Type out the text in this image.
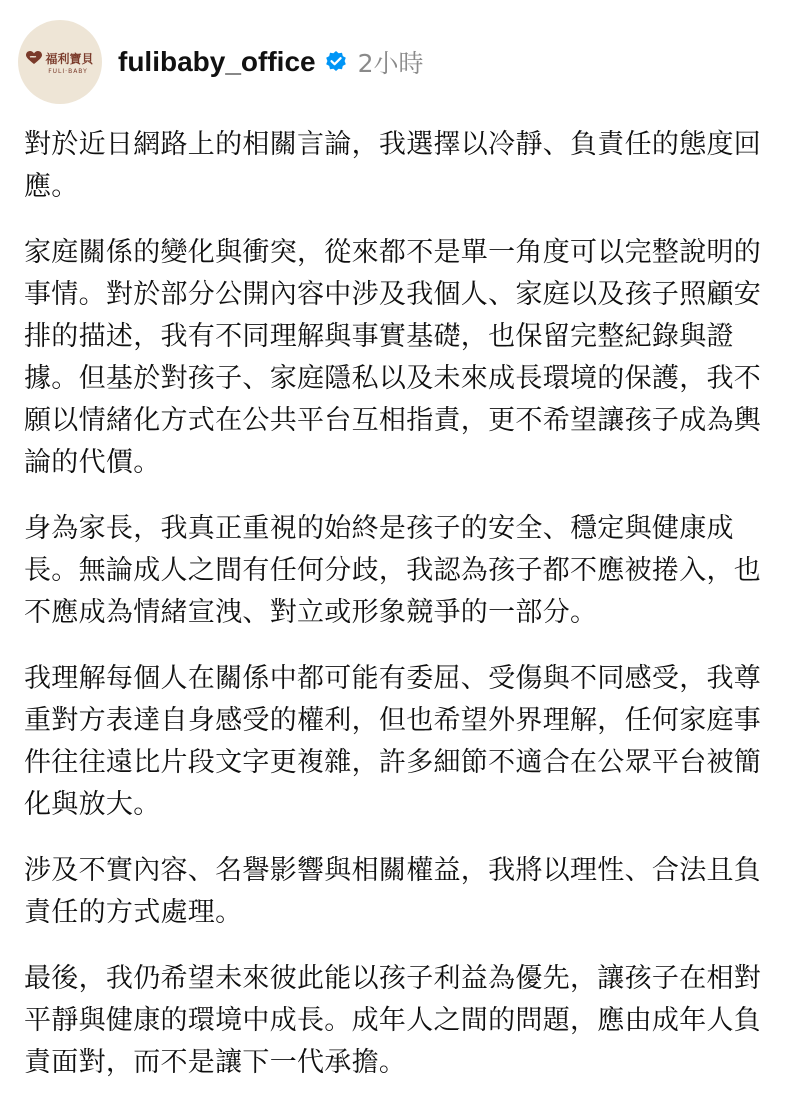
福利寶貝
FULI·BABY fulibaby_office 2小時

對於近日網路上的相關言論，我選擇以冷靜、負責任的態度回應。

家庭關係的變化與衝突，從來都不是單一角度可以完整說明的事情。對於部分公開內容中涉及我個人、家庭以及孩子照顧安排的描述，我有不同理解與事實基礎，也保留完整紀錄與證據。但基於對孩子、家庭隱私以及未來成長環境的保護，我不願以情緒化方式在公共平台互相指責，更不希望讓孩子成為輿論的代價。

身為家長，我真正重視的始終是孩子的安全、穩定與健康成長。無論成人之間有任何分歧，我認為孩子都不應被捲入，也不應成為情緒宣洩、對立或形象競爭的一部分。

我理解每個人在關係中都可能有委屈、受傷與不同感受，我尊重對方表達自身感受的權利，但也希望外界理解，任何家庭事件往往遠比片段文字更複雜，許多細節不適合在公眾平台被簡化與放大。

涉及不實內容、名譽影響與相關權益，我將以理性、合法且負責任的方式處理。

最後，我仍希望未來彼此能以孩子利益為優先，讓孩子在相對平靜與健康的環境中成長。成年人之間的問題，應由成年人負責面對，而不是讓下一代承擔。
